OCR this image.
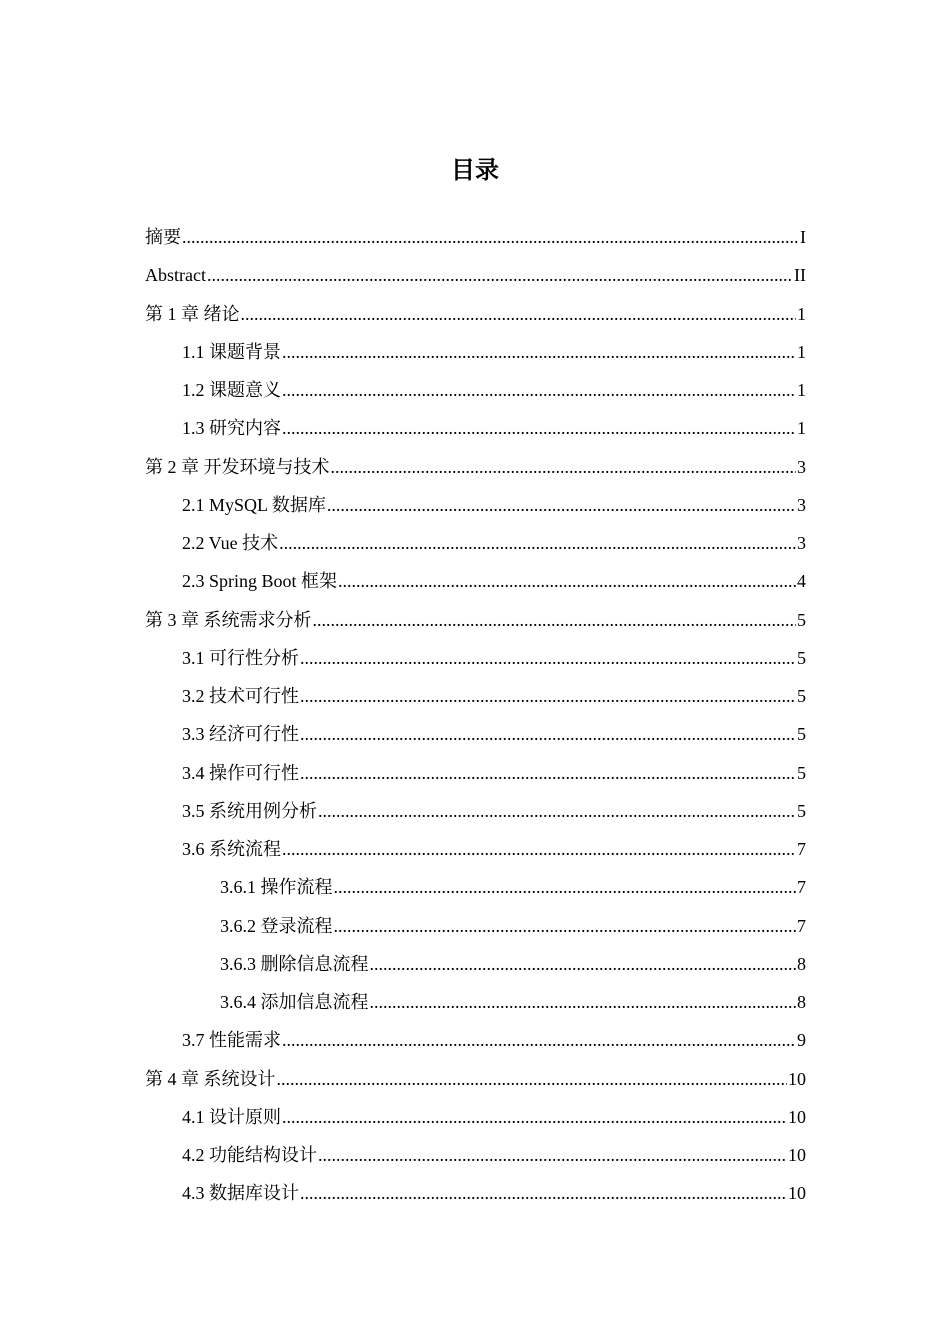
目录
摘要 .....	I
Abstract .....	II
第 1 章 绪论 .....	1
1.1 课题背景 .....	1
1.2 课题意义 .....	1
1.3 研究内容 .....	1
第 2 章 开发环境与技术 .....	3
2.1 MySQL 数据库 .....	3
2.2 Vue 技术 .....	3
2.3 Spring Boot 框架 .....	4
第 3 章 系统需求分析 .....	5
3.1 可行性分析 .....	5
3.2 技术可行性 .....	5
3.3 经济可行性 .....	5
3.4 操作可行性 .....	5
3.5 系统用例分析 .....	5
3.6 系统流程 .....	7
3.6.1 操作流程 .....	7
3.6.2 登录流程 .....	7
3.6.3 删除信息流程 .....	8
3.6.4 添加信息流程 .....	8
3.7 性能需求 .....	9
第 4 章 系统设计 .....	10
4.1 设计原则 .....	10
4.2 功能结构设计 .....	10
4.3 数据库设计 .....	10
